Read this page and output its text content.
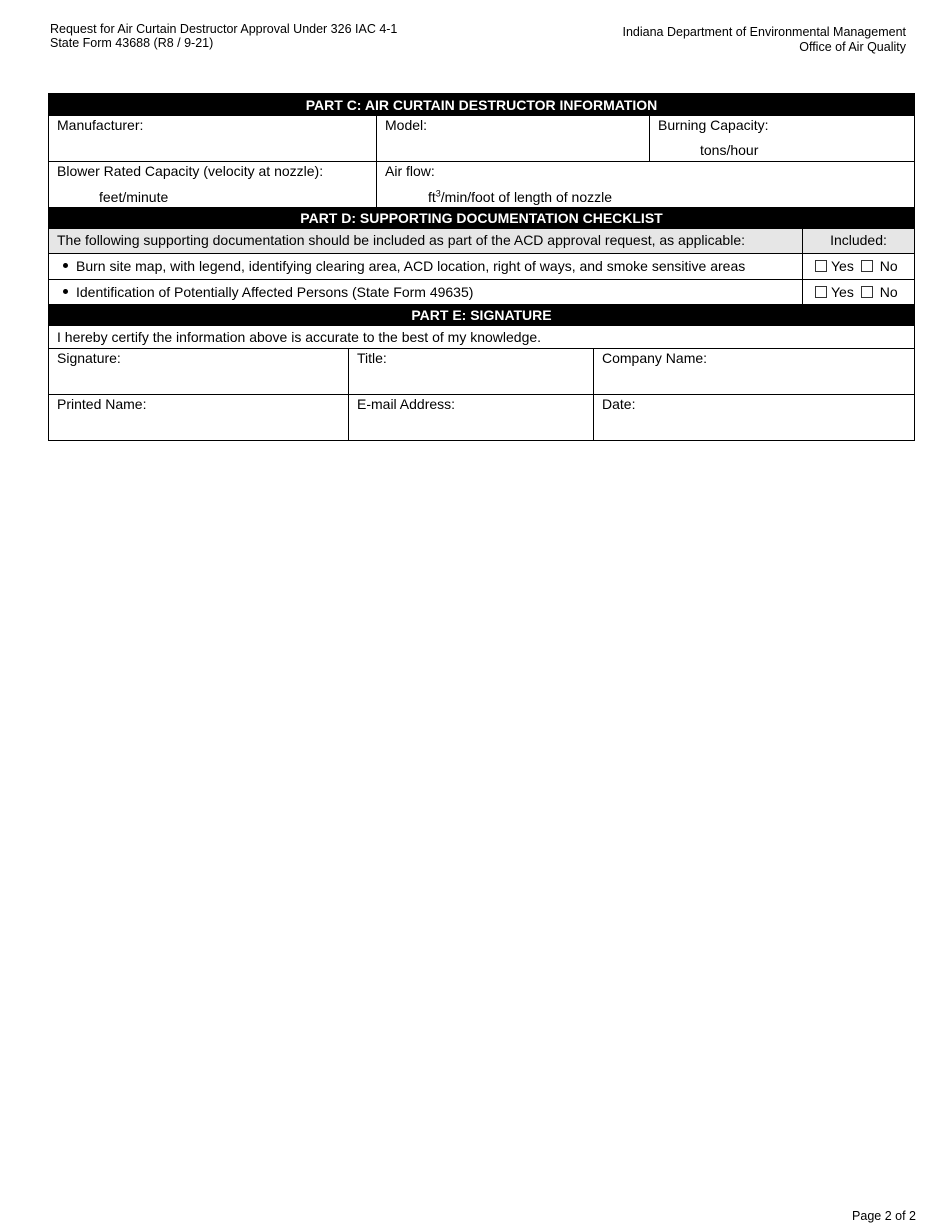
Request for Air Curtain Destructor Approval Under 326 IAC 4-1
State Form 43688 (R8 / 9-21)
Indiana Department of Environmental Management
Office of Air Quality
PART C: AIR CURTAIN DESTRUCTOR INFORMATION
Manufacturer:	Model:	Burning Capacity:
tons/hour
Blower Rated Capacity (velocity at nozzle):
feet/minute
Air flow:
$ft^3/\min$/foot of length of nozzle
PART D: SUPPORTING DOCUMENTATION CHECKLIST
The following supporting documentation should be included as part of the ACD approval request, as applicable:	Included:
Burn site map, with legend, identifying clearing area, ACD location, right of ways, and smoke sensitive areas	Yes No
Identification of Potentially Affected Persons (State Form 49635)	Yes No
PART E: SIGNATURE
I hereby certify the information above is accurate to the best of my knowledge.
Signature:	Title:	Company Name:
Printed Name:	E-mail Address:	Date:
Page 2 of 2
